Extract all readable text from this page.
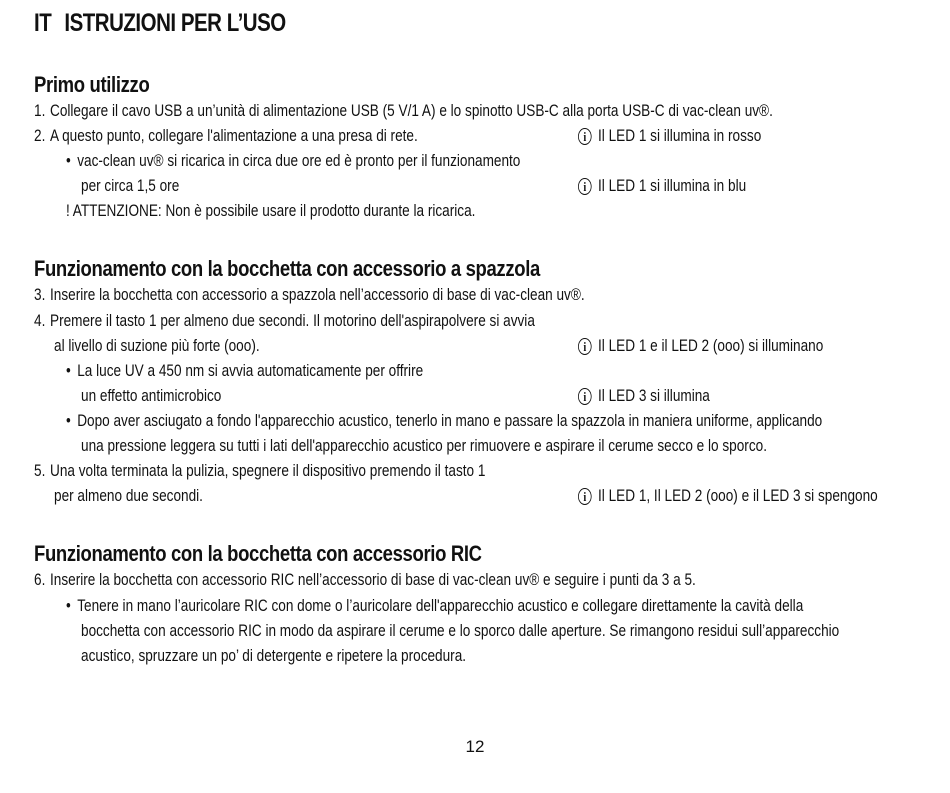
IT ISTRUZIONI PER L’USO
Primo utilizzo
1. Collegare il cavo USB a un’unità di alimentazione USB (5 V/1 A) e lo spinotto USB-C alla porta USB-C di vac-clean uv®.
2. A questo punto, collegare l'alimentazione a una presa di rete.	i Il LED 1 si illumina in rosso
• vac-clean uv® si ricarica in circa due ore ed è pronto per il funzionamento
per circa 1,5 ore	i Il LED 1 si illumina in blu
! ATTENZIONE: Non è possibile usare il prodotto durante la ricarica.
Funzionamento con la bocchetta con accessorio a spazzola
3. Inserire la bocchetta con accessorio a spazzola nell’accessorio di base di vac-clean uv®.
4. Premere il tasto 1 per almeno due secondi. Il motorino dell'aspirapolvere si avvia
al livello di suzione più forte (ooo).	i Il LED 1 e il LED 2 (ooo) si illuminano
• La luce UV a 450 nm si avvia automaticamente per offrire
un effetto antimicrobico	i Il LED 3 si illumina
• Dopo aver asciugato a fondo l'apparecchio acustico, tenerlo in mano e passare la spazzola in maniera uniforme, applicando
una pressione leggera su tutti i lati dell'apparecchio acustico per rimuovere e aspirare il cerume secco e lo sporco.
5. Una volta terminata la pulizia, spegnere il dispositivo premendo il tasto 1
per almeno due secondi.	i Il LED 1, Il LED 2 (ooo) e il LED 3 si spengono
Funzionamento con la bocchetta con accessorio RIC
6. Inserire la bocchetta con accessorio RIC nell’accessorio di base di vac-clean uv® e seguire i punti da 3 a 5.
• Tenere in mano l’auricolare RIC con dome o l’auricolare dell'apparecchio acustico e collegare direttamente la cavità della
bocchetta con accessorio RIC in modo da aspirare il cerume e lo sporco dalle aperture. Se rimangono residui sull’apparecchio
acustico, spruzzare un po’ di detergente e ripetere la procedura.
12
